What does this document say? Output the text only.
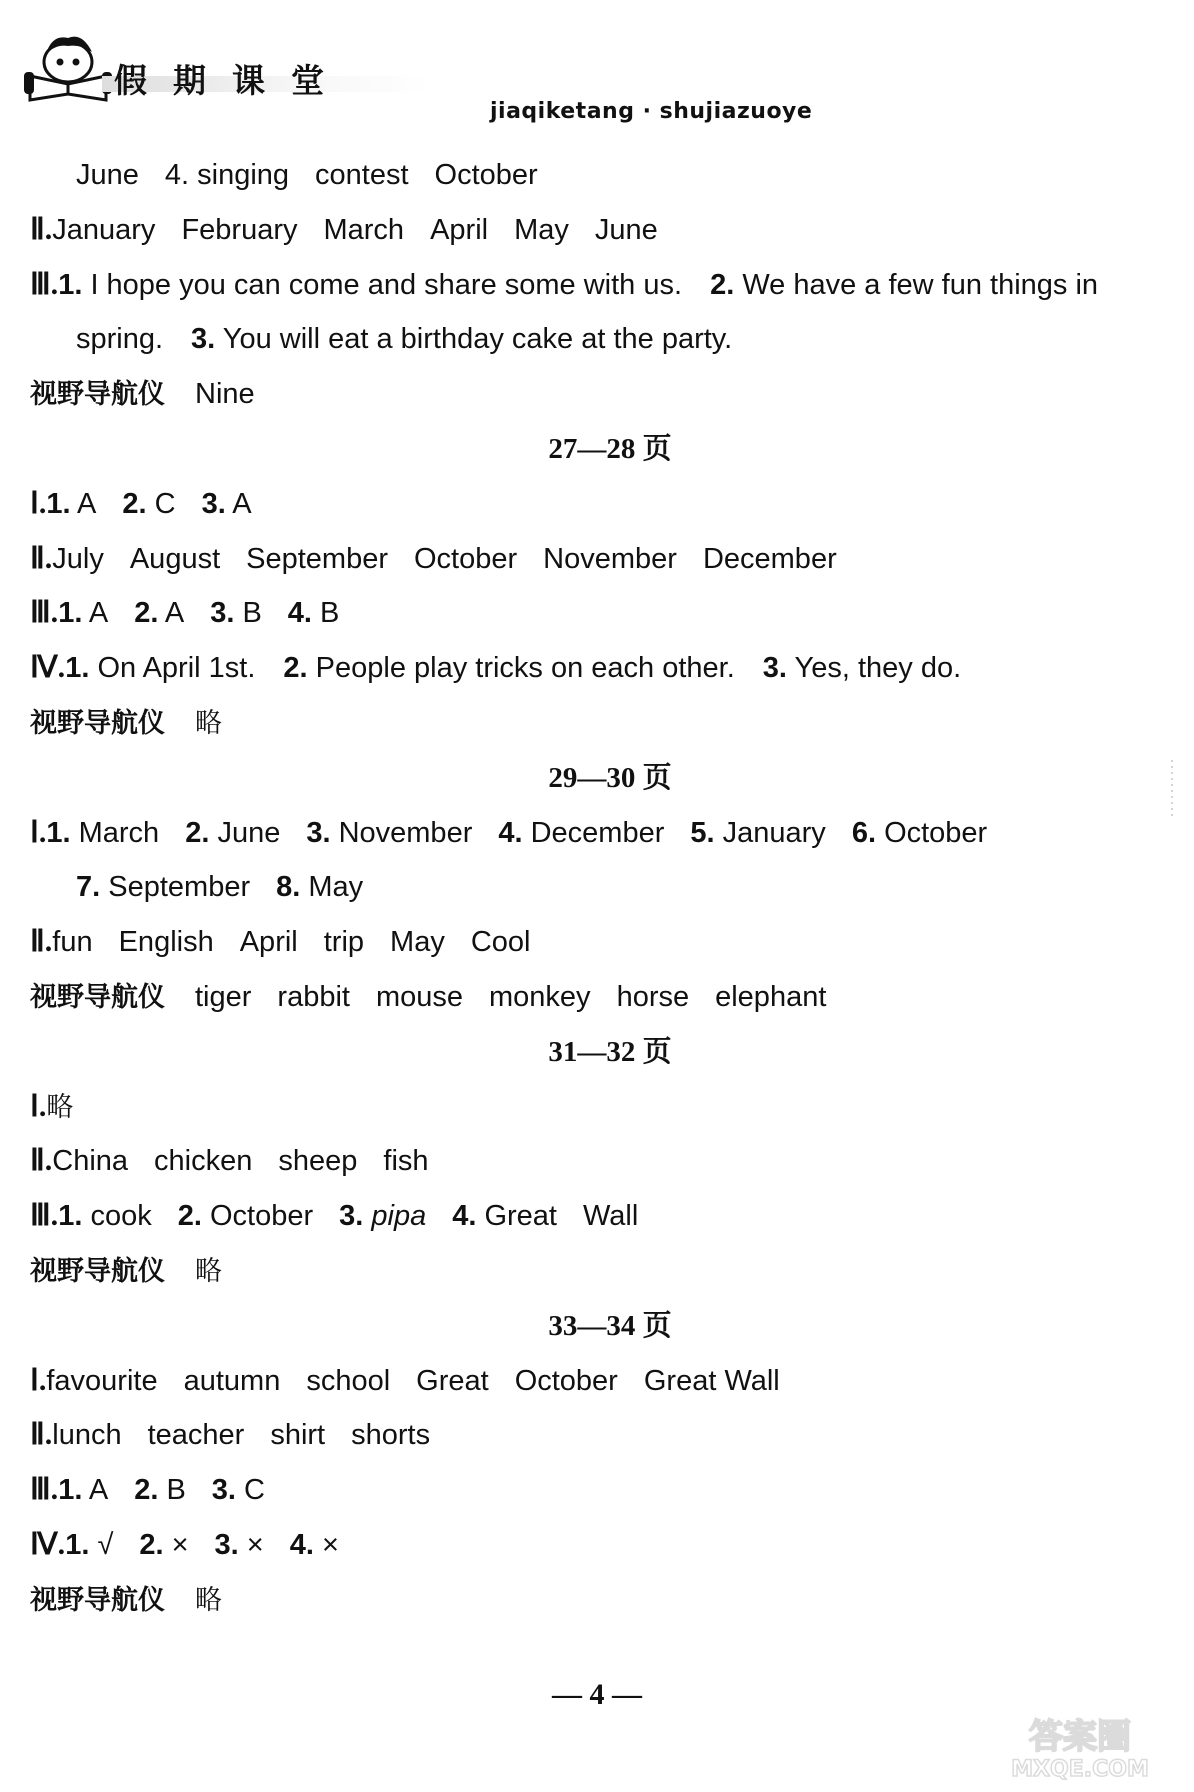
假期课堂
jiaqiketang · shujiazuoye
June 4. singing contest October
Ⅱ.January February March April May June
Ⅲ.1. I hope you can come and share some with us. 2. We have a few fun things in
spring. 3. You will eat a birthday cake at the party.
视野导航仪 Nine
27—28 页
Ⅰ.1. A 2. C 3. A
Ⅱ.July August September October November December
Ⅲ.1. A 2. A 3. B 4. B
Ⅳ.1. On April 1st. 2. People play tricks on each other. 3. Yes, they do.
视野导航仪 略
29—30 页
Ⅰ.1. March 2. June 3. November 4. December 5. January 6. October
7. September 8. May
Ⅱ.fun English April trip May Cool
视野导航仪 tiger rabbit mouse monkey horse elephant
31—32 页
Ⅰ.略
Ⅱ.China chicken sheep fish
Ⅲ.1. cook 2. October 3. pipa 4. Great Wall
视野导航仪 略
33—34 页
Ⅰ.favourite autumn school Great October Great Wall
Ⅱ.lunch teacher shirt shorts
Ⅲ.1. A 2. B 3. C
Ⅳ.1. √ 2. × 3. × 4. ×
视野导航仪 略
— 4 —
答案圈
MXQE.COM
